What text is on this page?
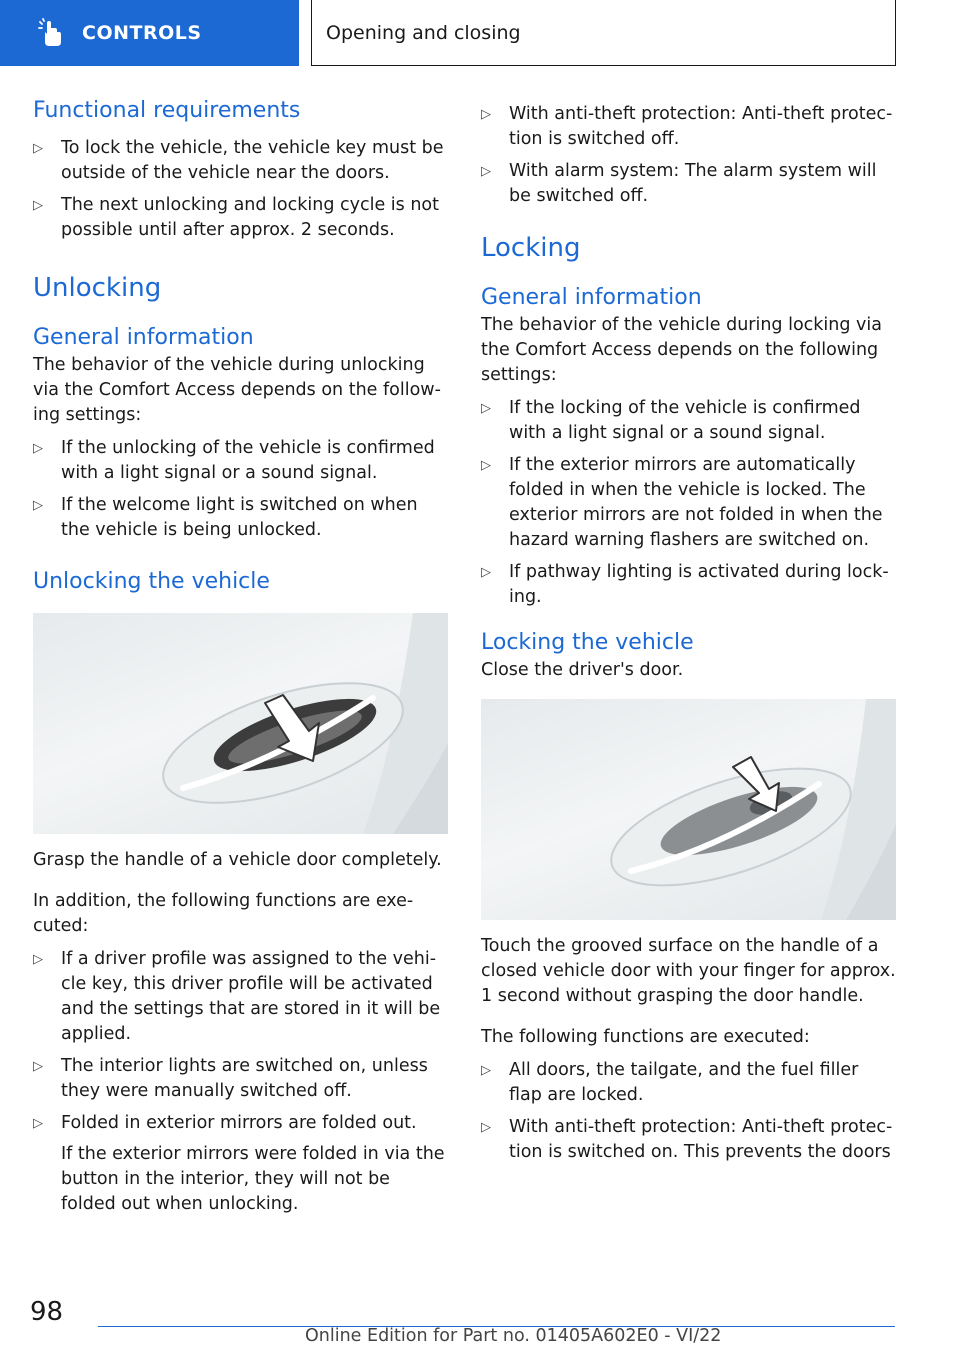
CONTROLS	Opening and closing
Functional requirements
▷	To lock the vehicle, the vehicle key must be outside of the vehicle near the doors.
▷	The next unlocking and locking cycle is not possible until after approx. 2 seconds.
Unlocking
General information

The behavior of the vehicle during unlocking via the Comfort Access depends on the follow‐ing settings:

▷	If the unlocking of the vehicle is confirmed with a light signal or a sound signal.
▷	If the welcome light is switched on when the vehicle is being unlocked.
Unlocking the vehicle

Grasp the handle of a vehicle door completely.

In addition, the following functions are exe‐cuted:

▷	If a driver profile was assigned to the vehi‐cle key, this driver profile will be activated and the settings that are stored in it will be applied.
▷	The interior lights are switched on, unless they were manually switched off.
▷	Folded in exterior mirrors are folded out.

If the exterior mirrors were folded in via the button in the interior, they will not be folded out when unlocking.

▷	With anti-theft protection: Anti-theft protec‐tion is switched off.
▷	With alarm system: The alarm system will be switched off.
Locking
General information

The behavior of the vehicle during locking via the Comfort Access depends on the following settings:

▷	If the locking of the vehicle is confirmed with a light signal or a sound signal.
▷	If the exterior mirrors are automatically folded in when the vehicle is locked. The exterior mirrors are not folded in when the hazard warning flashers are switched on.
▷	If pathway lighting is activated during lock‐ing.
Locking the vehicle

Close the driver's door.

Touch the grooved surface on the handle of a closed vehicle door with your finger for approx. 1 second without grasping the door handle.

The following functions are executed:

▷	All doors, the tailgate, and the fuel filler flap are locked.
▷	With anti-theft protection: Anti-theft protec‐tion is switched on. This prevents the doors
98
Online Edition for Part no. 01405A602E0 - VI/22
